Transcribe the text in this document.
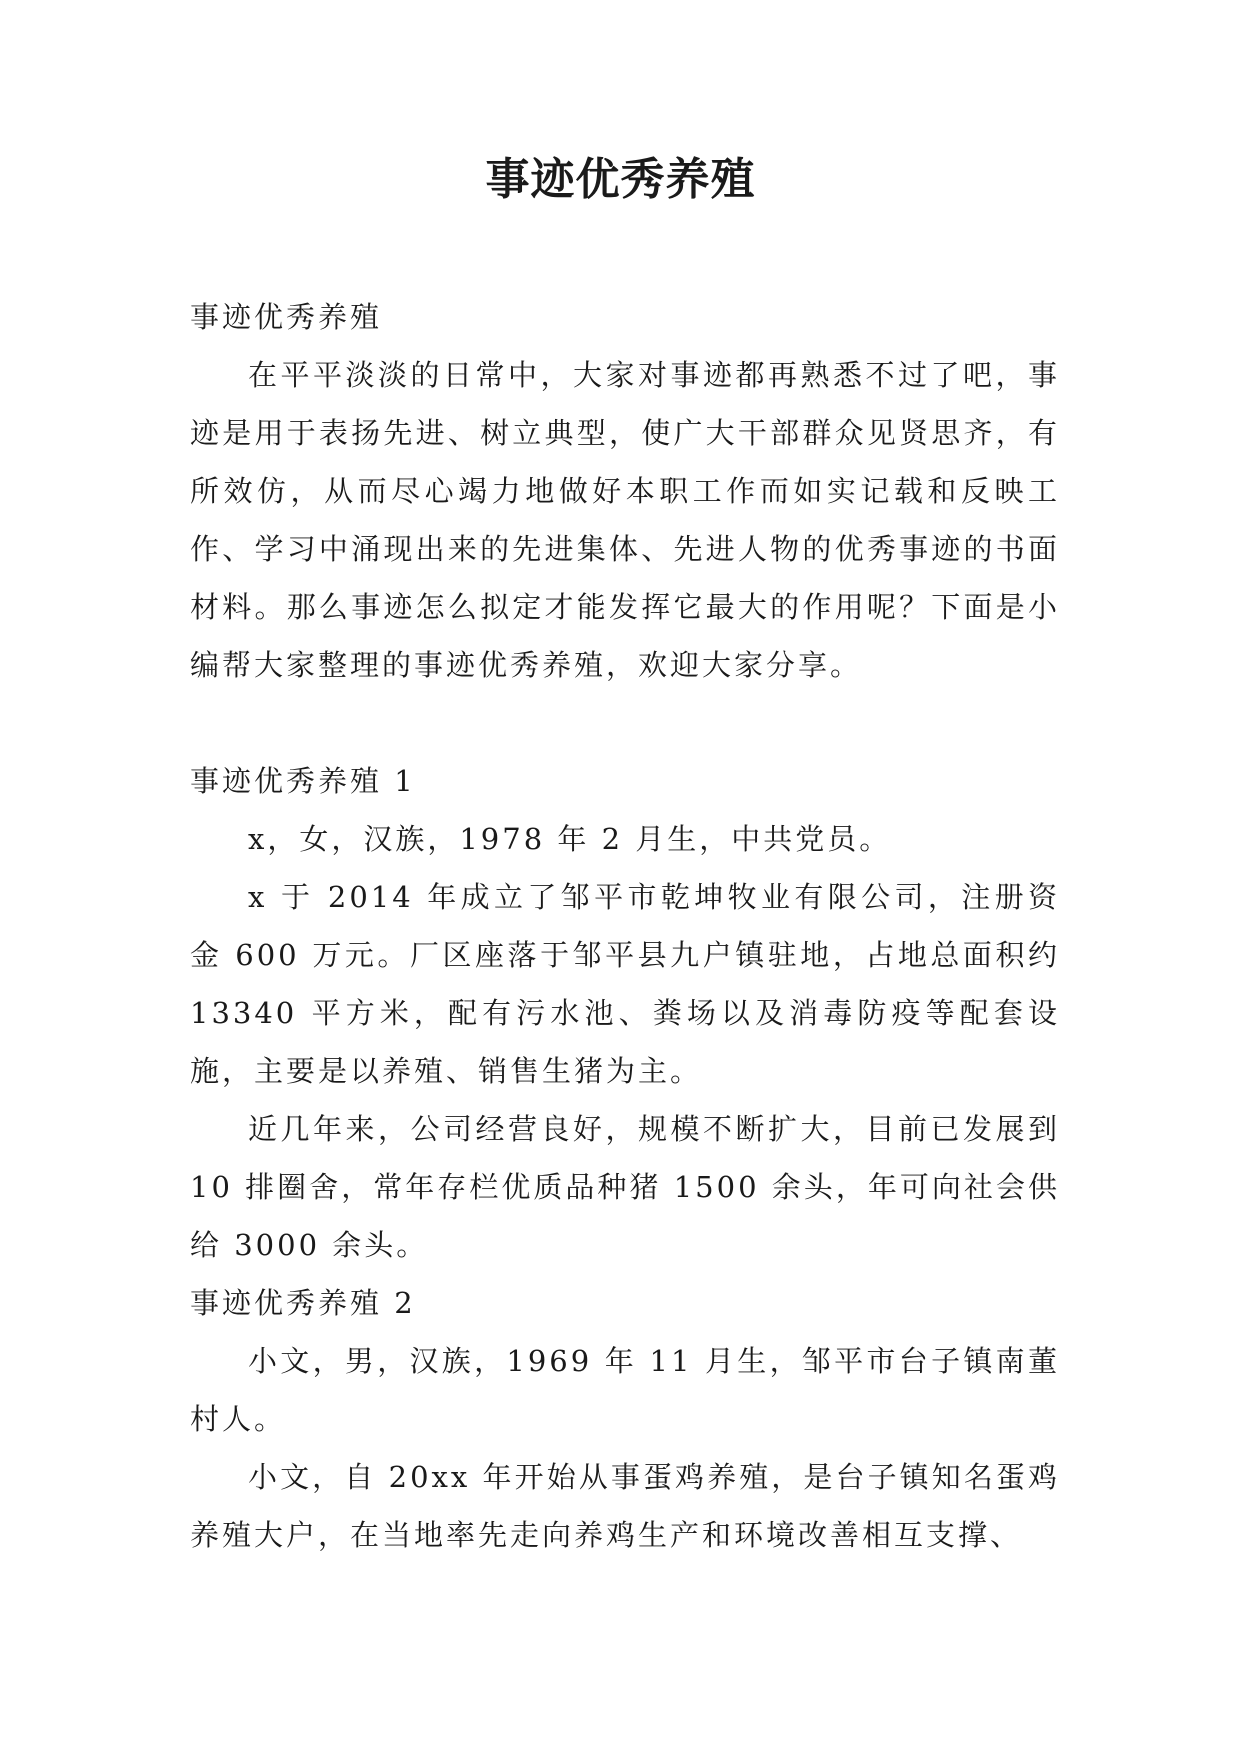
事迹优秀养殖

事迹优秀养殖

在平平淡淡的日常中，大家对事迹都再熟悉不过了吧，事迹是用于表扬先进、树立典型，使广大干部群众见贤思齐，有所效仿，从而尽心竭力地做好本职工作而如实记载和反映工作、学习中涌现出来的先进集体、先进人物的优秀事迹的书面材料。那么事迹怎么拟定才能发挥它最大的作用呢？下面是小编帮大家整理的事迹优秀养殖，欢迎大家分享。

事迹优秀养殖 1

x，女，汉族，1978 年 2 月生，中共党员。

x 于 2014 年成立了邹平市乾坤牧业有限公司，注册资金 600 万元。厂区座落于邹平县九户镇驻地，占地总面积约 13340 平方米，配有污水池、粪场以及消毒防疫等配套设施，主要是以养殖、销售生猪为主。

近几年来，公司经营良好，规模不断扩大，目前已发展到 10 排圈舍，常年存栏优质品种猪 1500 余头，年可向社会供给 3000 余头。

事迹优秀养殖 2

小文，男，汉族，1969 年 11 月生，邹平市台子镇南董村人。

小文，自 20xx 年开始从事蛋鸡养殖，是台子镇知名蛋鸡养殖大户，在当地率先走向养鸡生产和环境改善相互支撑、
